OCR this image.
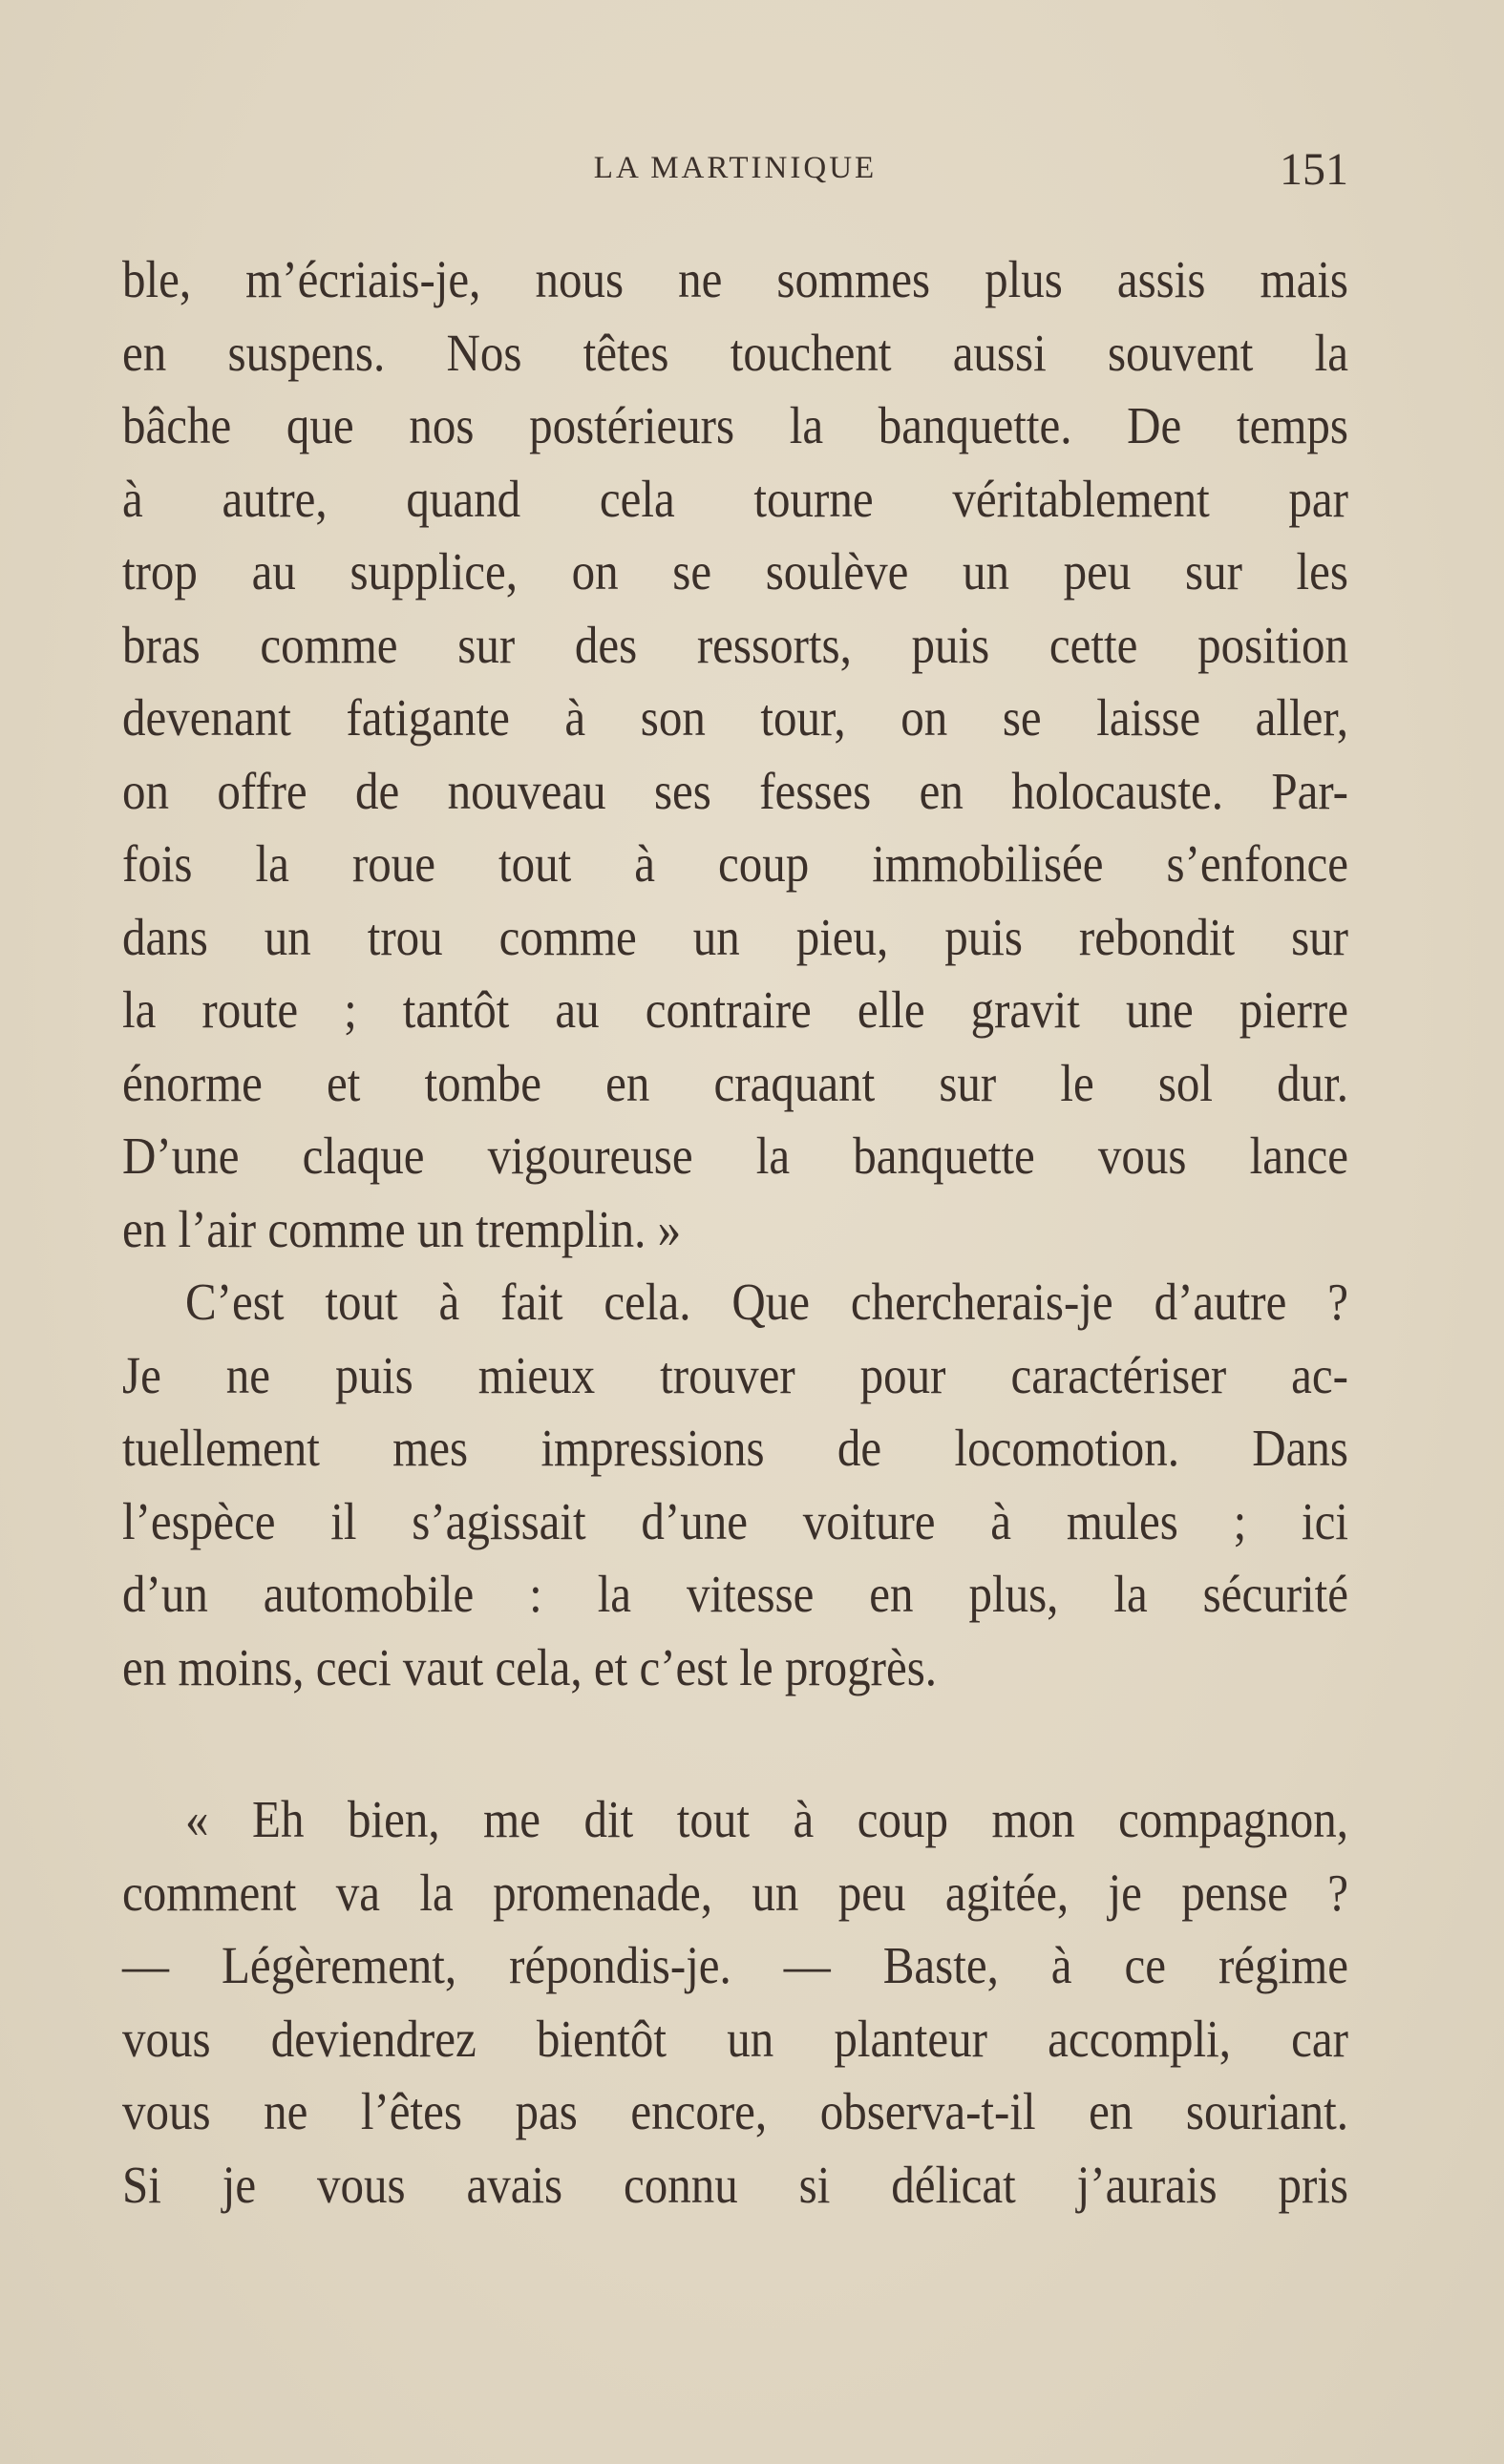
LA MARTINIQUE	151
ble, m’écriais-je, nous ne sommes plus assis mais
en suspens. Nos têtes touchent aussi souvent la
bâche que nos postérieurs la banquette. De temps
à autre, quand cela tourne véritablement par
trop au supplice, on se soulève un peu sur les
bras comme sur des ressorts, puis cette position
devenant fatigante à son tour, on se laisse aller,
on offre de nouveau ses fesses en holocauste. Par-
fois la roue tout à coup immobilisée s’enfonce
dans un trou comme un pieu, puis rebondit sur
la route ; tantôt au contraire elle gravit une pierre
énorme et tombe en craquant sur le sol dur.
D’une claque vigoureuse la banquette vous lance
en l’air comme un tremplin. »
C’est tout à fait cela. Que chercherais-je d’autre ?
Je ne puis mieux trouver pour caractériser ac-
tuellement mes impressions de locomotion. Dans
l’espèce il s’agissait d’une voiture à mules ; ici
d’un automobile : la vitesse en plus, la sécurité
en moins, ceci vaut cela, et c’est le progrès.
« Eh bien, me dit tout à coup mon compagnon,
comment va la promenade, un peu agitée, je pense ?
— Légèrement, répondis-je. — Baste, à ce régime
vous deviendrez bientôt un planteur accompli, car
vous ne l’êtes pas encore, observa-t-il en souriant.
Si je vous avais connu si délicat j’aurais pris
